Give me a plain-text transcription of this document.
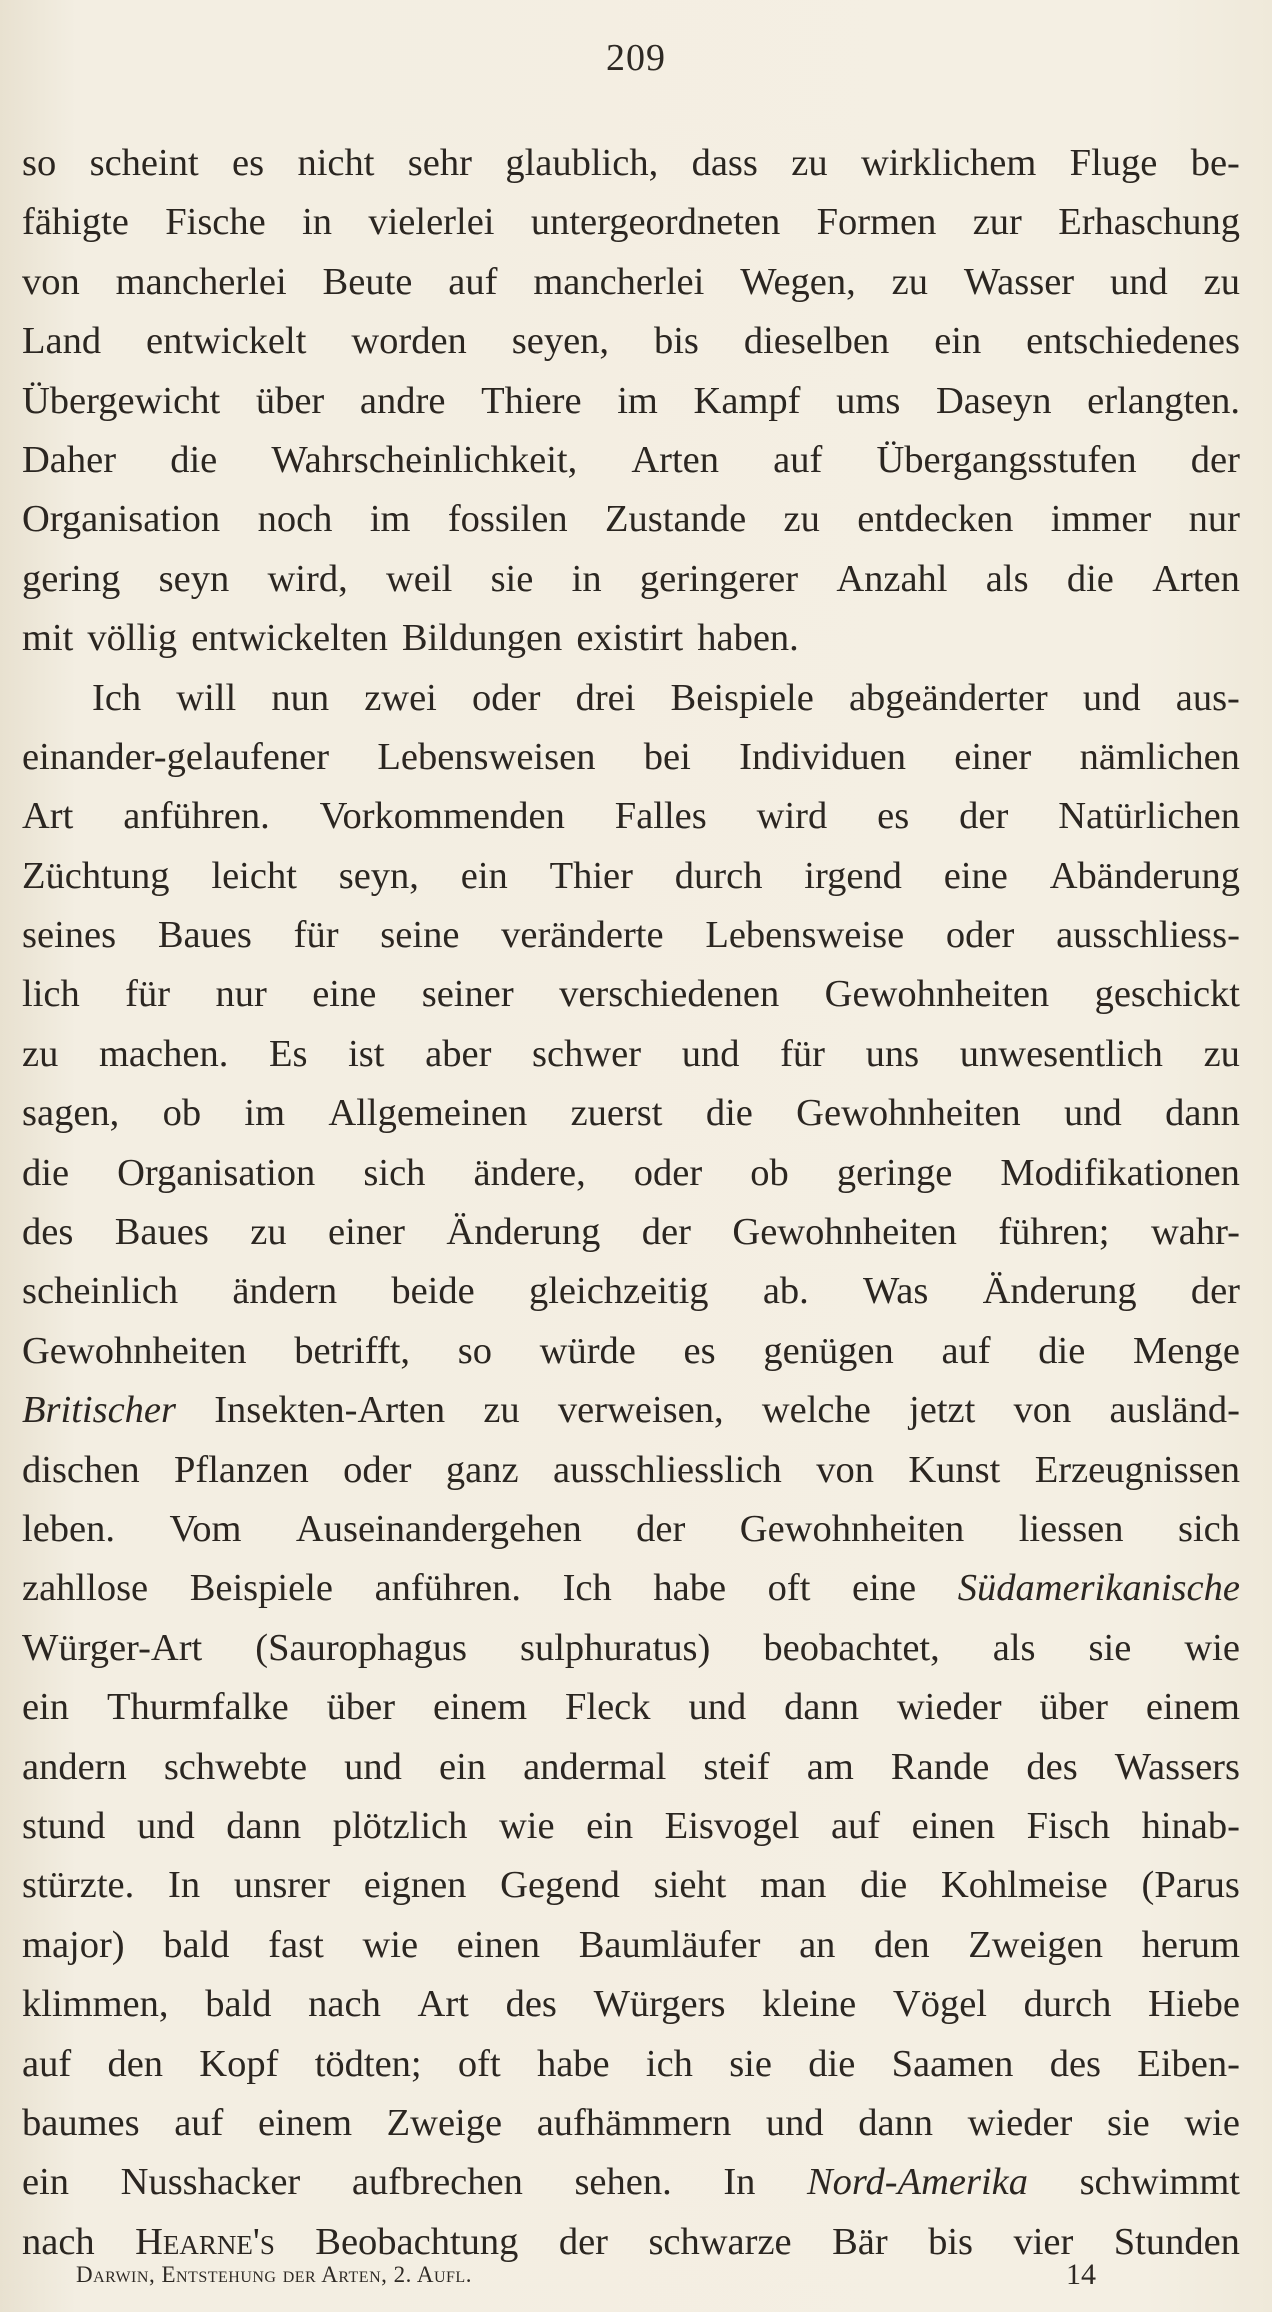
209
so scheint es nicht sehr glaublich, dass zu wirklichem Fluge be-
fähigte Fische in vielerlei untergeordneten Formen zur Erhaschung
von mancherlei Beute auf mancherlei Wegen, zu Wasser und zu
Land entwickelt worden seyen, bis dieselben ein entschiedenes
Übergewicht über andre Thiere im Kampf ums Daseyn erlangten.
Daher die Wahrscheinlichkeit, Arten auf Übergangsstufen der
Organisation noch im fossilen Zustande zu entdecken immer nur
gering seyn wird, weil sie in geringerer Anzahl als die Arten
mit völlig entwickelten Bildungen existirt haben.
Ich will nun zwei oder drei Beispiele abgeänderter und aus-
einander-gelaufener Lebensweisen bei Individuen einer nämlichen
Art anführen. Vorkommenden Falles wird es der Natürlichen
Züchtung leicht seyn, ein Thier durch irgend eine Abänderung
seines Baues für seine veränderte Lebensweise oder ausschliess-
lich für nur eine seiner verschiedenen Gewohnheiten geschickt
zu machen. Es ist aber schwer und für uns unwesentlich zu
sagen, ob im Allgemeinen zuerst die Gewohnheiten und dann
die Organisation sich ändere, oder ob geringe Modifikationen
des Baues zu einer Änderung der Gewohnheiten führen; wahr-
scheinlich ändern beide gleichzeitig ab. Was Änderung der
Gewohnheiten betrifft, so würde es genügen auf die Menge
Britischer Insekten-Arten zu verweisen, welche jetzt von ausländ-
dischen Pflanzen oder ganz ausschliesslich von Kunst Erzeugnissen
leben. Vom Auseinandergehen der Gewohnheiten liessen sich
zahllose Beispiele anführen. Ich habe oft eine Südamerikanische
Würger-Art (Saurophagus sulphuratus) beobachtet, als sie wie
ein Thurmfalke über einem Fleck und dann wieder über einem
andern schwebte und ein andermal steif am Rande des Wassers
stund und dann plötzlich wie ein Eisvogel auf einen Fisch hinab-
stürzte. In unsrer eignen Gegend sieht man die Kohlmeise (Parus
major) bald fast wie einen Baumläufer an den Zweigen herum
klimmen, bald nach Art des Würgers kleine Vögel durch Hiebe
auf den Kopf tödten; oft habe ich sie die Saamen des Eiben-
baumes auf einem Zweige aufhämmern und dann wieder sie wie
ein Nusshacker aufbrechen sehen. In Nord-Amerika schwimmt
nach Hearne's Beobachtung der schwarze Bär bis vier Stunden
Darwin, Entstehung der Arten, 2. Aufl.	14
